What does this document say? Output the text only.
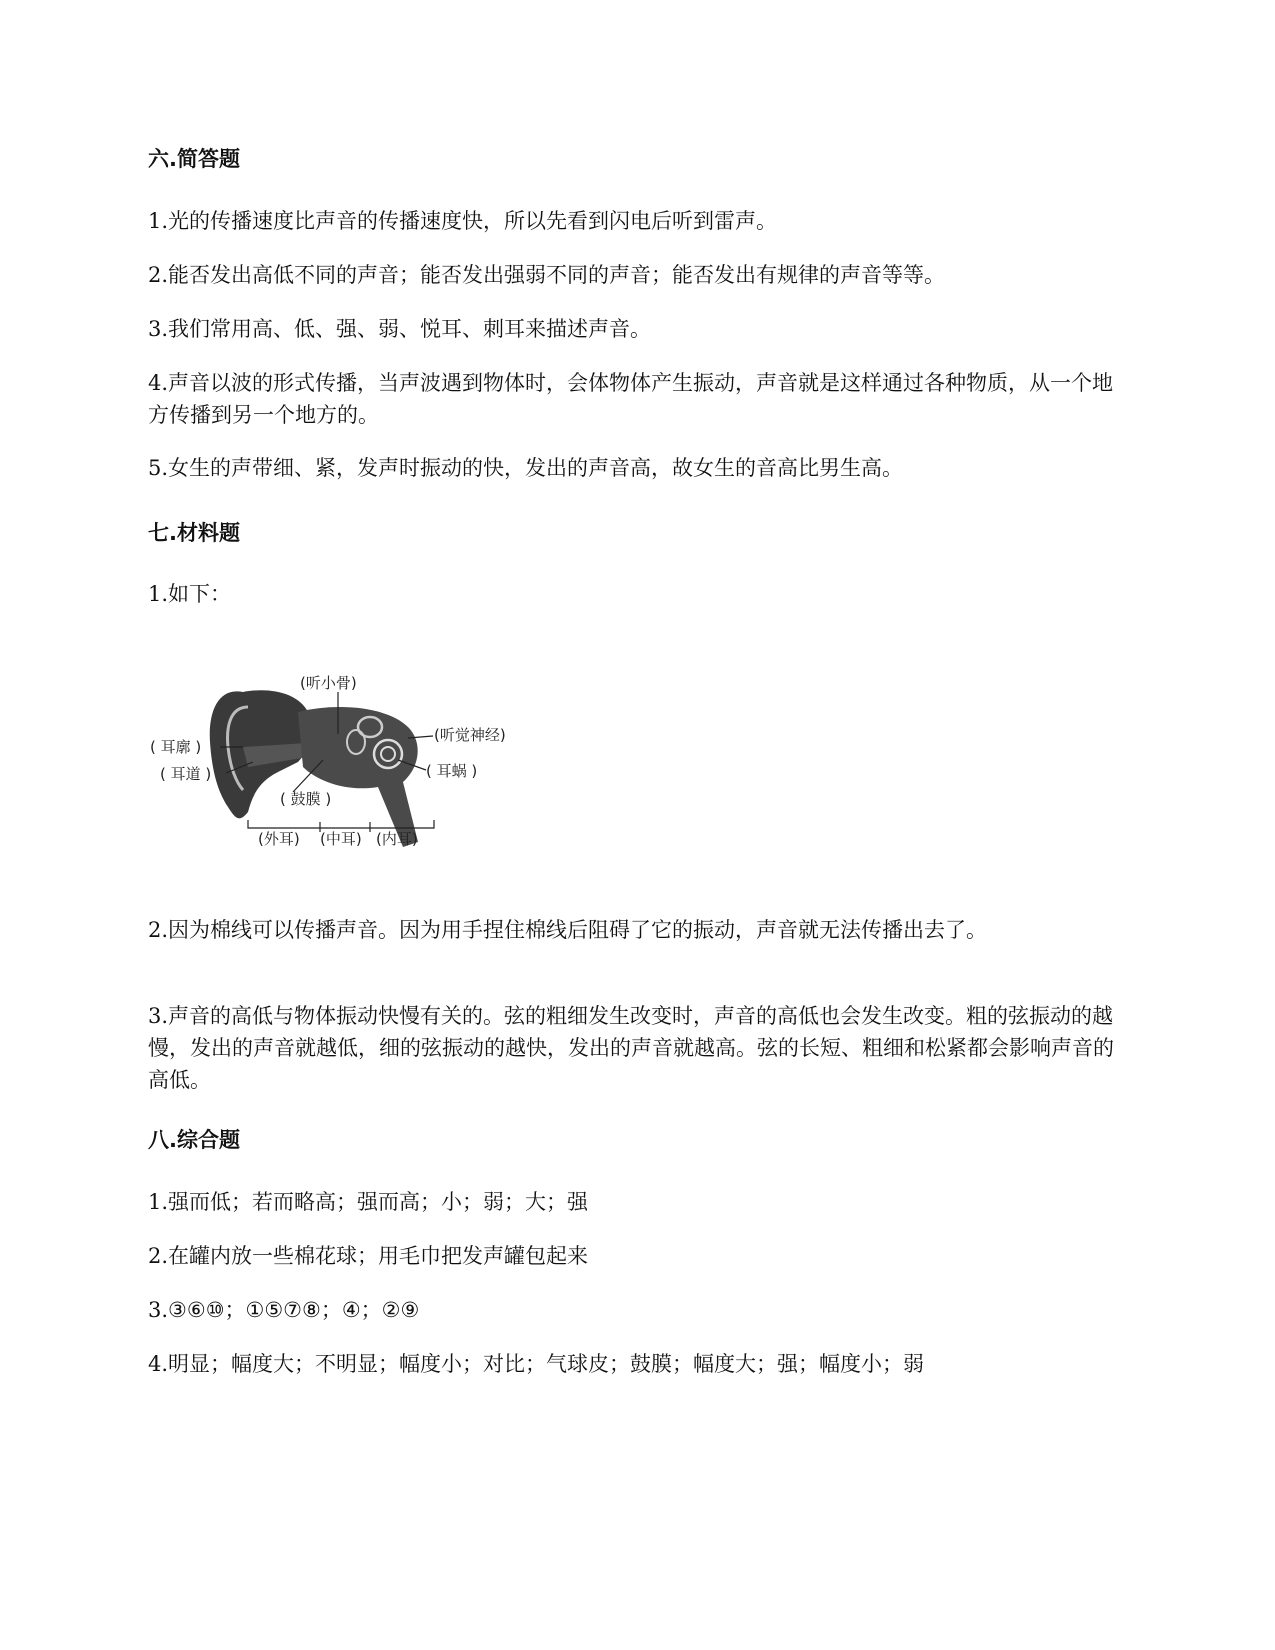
六.简答题

1.光的传播速度比声音的传播速度快，所以先看到闪电后听到雷声。

2.能否发出高低不同的声音；能否发出强弱不同的声音；能否发出有规律的声音等等。

3.我们常用高、低、强、弱、悦耳、刺耳来描述声音。

4.声音以波的形式传播，当声波遇到物体时，会体物体产生振动，声音就是这样通过各种物质，从一个地方传播到另一个地方的。

5.女生的声带细、紧，发声时振动的快，发出的声音高，故女生的音高比男生高。

七.材料题

1.如下：

(听小骨)
( 耳廓 )
( 耳道 )
( 鼓膜 )
(听觉神经)
( 耳蜗 )
(外耳) (中耳) (内耳)

2.因为棉线可以传播声音。因为用手捏住棉线后阻碍了它的振动，声音就无法传播出去了。

3.声音的高低与物体振动快慢有关的。弦的粗细发生改变时，声音的高低也会发生改变。粗的弦振动的越慢，发出的声音就越低，细的弦振动的越快，发出的声音就越高。弦的长短、粗细和松紧都会影响声音的高低。

八.综合题

1.强而低；若而略高；强而高；小；弱；大；强

2.在罐内放一些棉花球；用毛巾把发声罐包起来

3.③⑥⑩；①⑤⑦⑧；④；②⑨

4.明显；幅度大；不明显；幅度小；对比；气球皮；鼓膜；幅度大；强；幅度小；弱
